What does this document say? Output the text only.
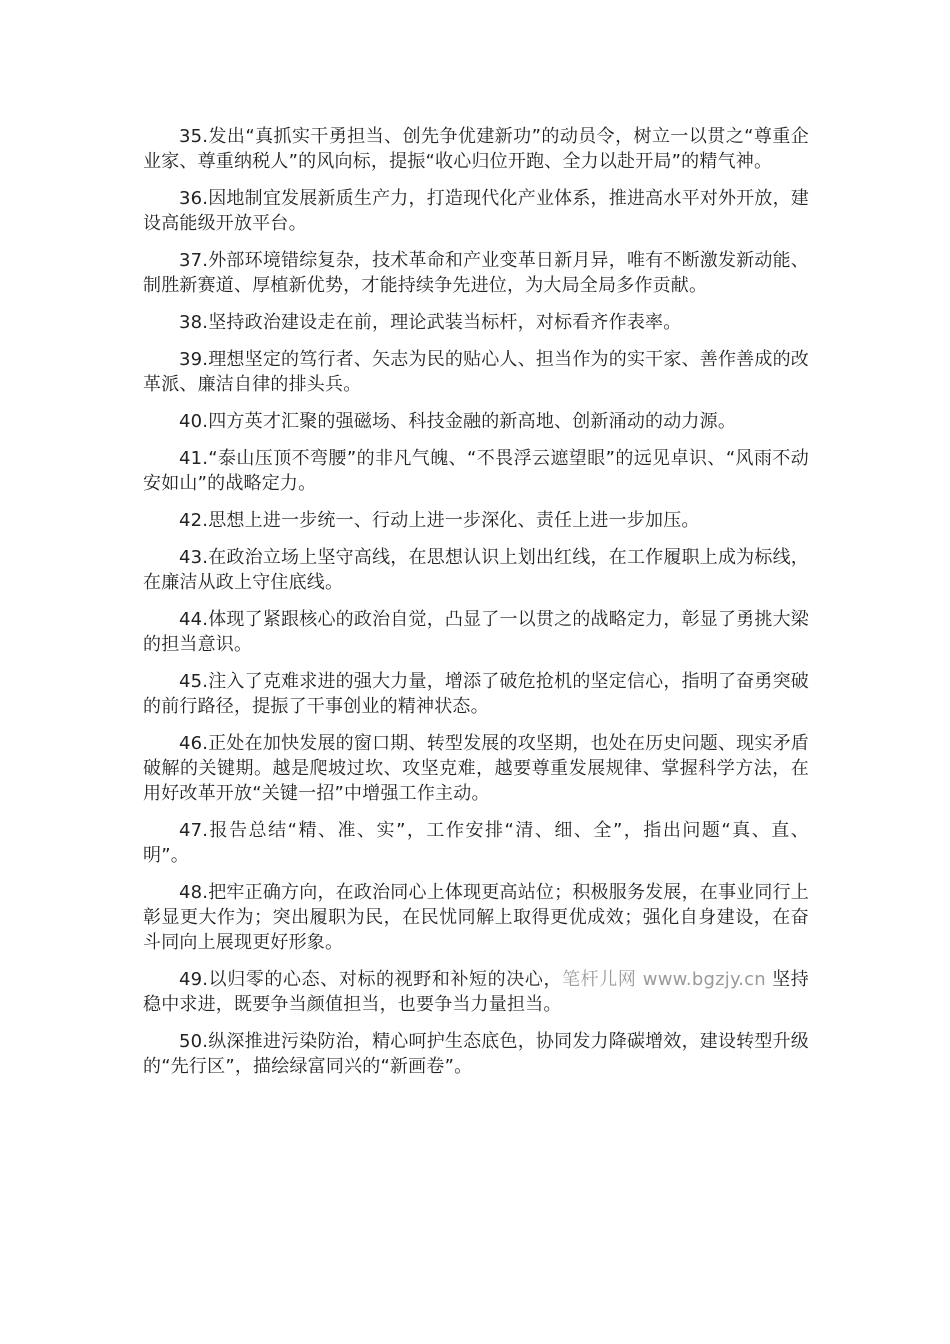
35.发出“真抓实干勇担当、创先争优建新功”的动员令，树立一以贯之“尊重企业家、尊重纳税人”的风向标，提振“收心归位开跑、全力以赴开局”的精气神。

36.因地制宜发展新质生产力，打造现代化产业体系，推进高水平对外开放，建设高能级开放平台。

37.外部环境错综复杂，技术革命和产业变革日新月异，唯有不断激发新动能、制胜新赛道、厚植新优势，才能持续争先进位，为大局全局多作贡献。

38.坚持政治建设走在前，理论武装当标杆，对标看齐作表率。

39.理想坚定的笃行者、矢志为民的贴心人、担当作为的实干家、善作善成的改革派、廉洁自律的排头兵。

40.四方英才汇聚的强磁场、科技金融的新高地、创新涌动的动力源。

41.“泰山压顶不弯腰”的非凡气魄、“不畏浮云遮望眼”的远见卓识、“风雨不动安如山”的战略定力。

42.思想上进一步统一、行动上进一步深化、责任上进一步加压。

43.在政治立场上坚守高线，在思想认识上划出红线，在工作履职上成为标线，在廉洁从政上守住底线。

44.体现了紧跟核心的政治自觉，凸显了一以贯之的战略定力，彰显了勇挑大梁的担当意识。

45.注入了克难求进的强大力量，增添了破危抢机的坚定信心，指明了奋勇突破的前行路径，提振了干事创业的精神状态。

46.正处在加快发展的窗口期、转型发展的攻坚期，也处在历史问题、现实矛盾破解的关键期。越是爬坡过坎、攻坚克难，越要尊重发展规律、掌握科学方法，在用好改革开放“关键一招”中增强工作主动。

47.报告总结“精、准、实”，工作安排“清、细、全”，指出问题“真、直、明”。

48.把牢正确方向，在政治同心上体现更高站位；积极服务发展，在事业同行上彰显更大作为；突出履职为民，在民忧同解上取得更优成效；强化自身建设，在奋斗同向上展现更好形象。

49.以归零的心态、对标的视野和补短的决心，笔杆儿网 www.bgzjy.cn 坚持稳中求进，既要争当颜值担当，也要争当力量担当。

50.纵深推进污染防治，精心呵护生态底色，协同发力降碳增效，建设转型升级的“先行区”，描绘绿富同兴的“新画卷”。
